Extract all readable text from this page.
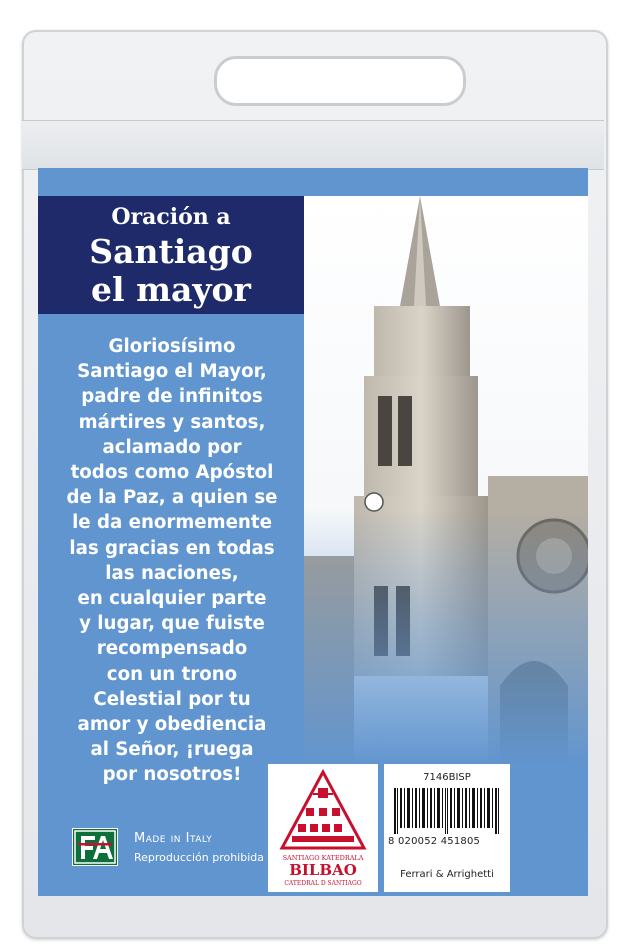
Oración a
Santiago
el mayor
Gloriosísimo
Santiago el Mayor,
padre de infinitos
mártires y santos,
aclamado por
todos como Apóstol
de la Paz, a quien se
le da enormemente
las gracias en todas
las naciones,
en cualquier parte
y lugar, que fuiste
recompensado
con un trono
Celestial por tu
amor y obediencia
al Señor, ¡ruega
por nosotros!
Made in Italy
Reproducción prohibida	SANTIAGO KATEDRALA
BILBAO
CATEDRAL D SANTIAGO
7146BISP
8 020052 451805
Ferrari & Arrighetti
